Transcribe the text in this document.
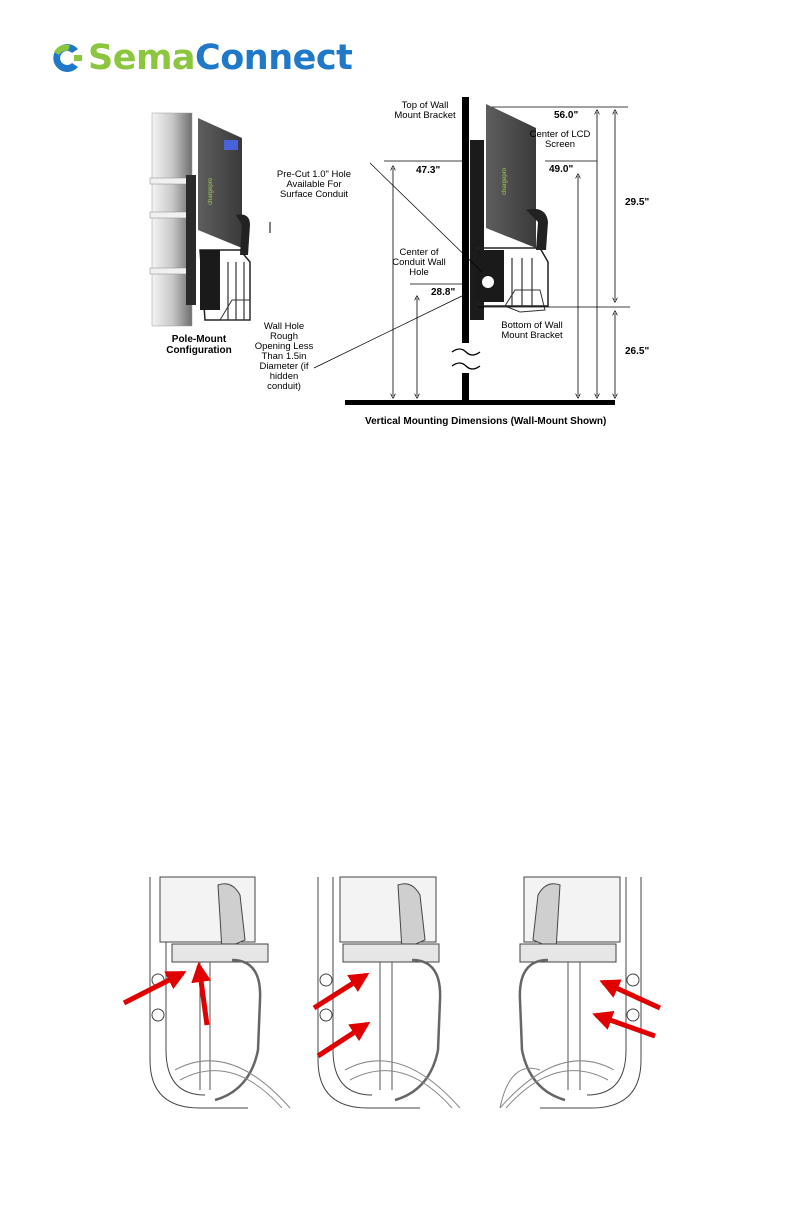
SemaConnect
chargepro	chargepro
Top of Wall Mount Bracket
Pre-Cut 1.0" Hole Available For Surface Conduit
Center of Conduit Wall Hole
Center of LCD Screen
Bottom of Wall Mount Bracket
Wall Hole Rough Opening Less Than 1.5in Diameter (if hidden conduit)
56.0"
47.3"	49.0"
29.5"
28.8"
26.5"
Pole-Mount Configuration
Vertical Mounting Dimensions (Wall-Mount Shown)
